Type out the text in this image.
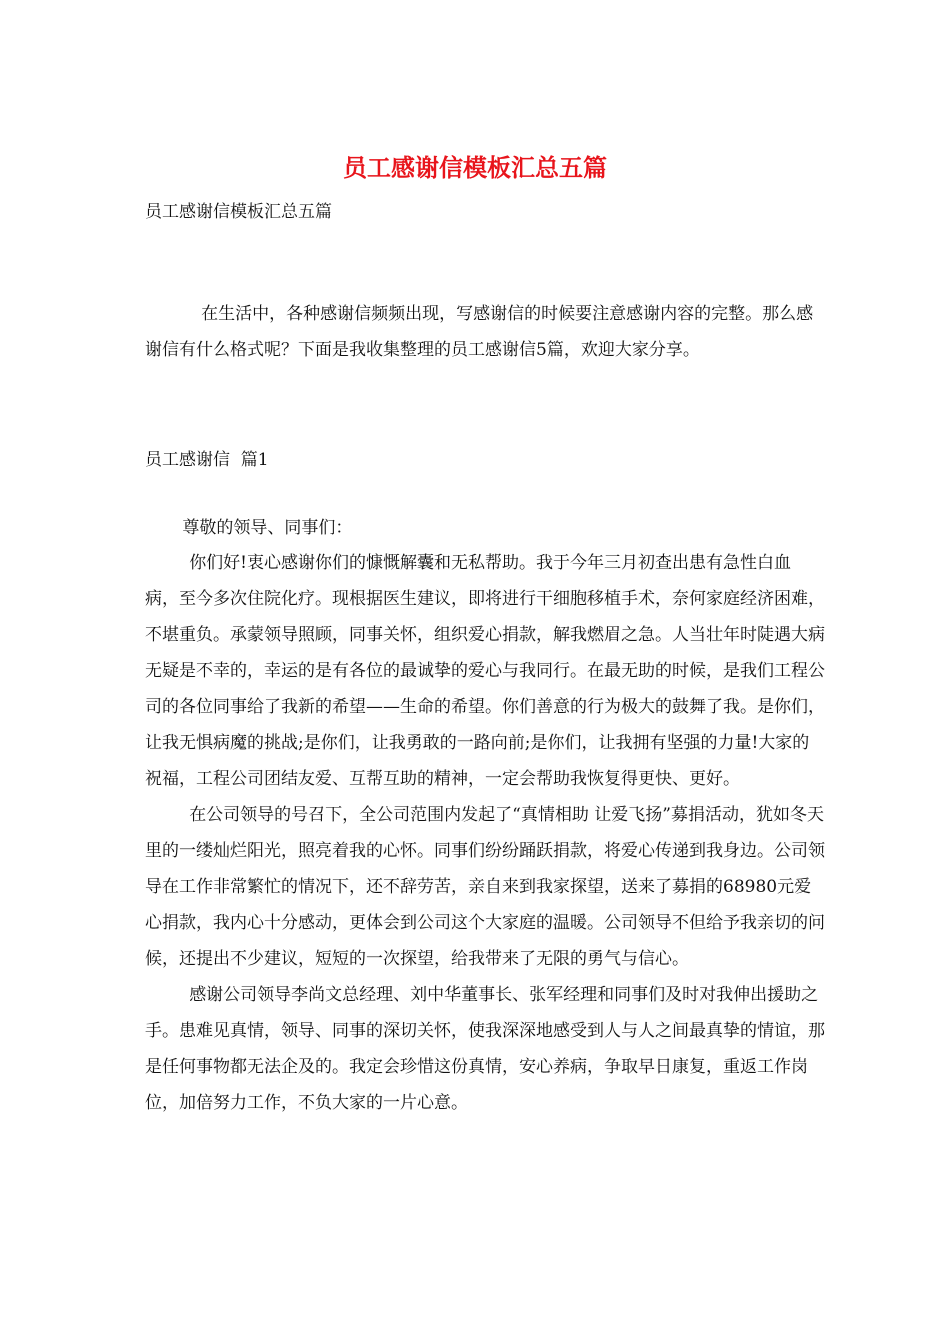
员工感谢信模板汇总五篇

员工感谢信模板汇总五篇

在生活中，各种感谢信频频出现，写感谢信的时候要注意感谢内容的完整。那么感谢信有什么格式呢？下面是我收集整理的员工感谢信5篇，欢迎大家分享。

员工感谢信  篇1

尊敬的领导、同事们：

你们好!衷心感谢你们的慷慨解囊和无私帮助。我于今年三月初查出患有急性白血病，至今多次住院化疗。现根据医生建议，即将进行干细胞移植手术，奈何家庭经济困难，不堪重负。承蒙领导照顾，同事关怀，组织爱心捐款，解我燃眉之急。人当壮年时陡遇大病无疑是不幸的，幸运的是有各位的最诚挚的爱心与我同行。在最无助的时候，是我们工程公司的各位同事给了我新的希望——生命的希望。你们善意的行为极大的鼓舞了我。是你们，让我无惧病魔的挑战;是你们，让我勇敢的一路向前;是你们，让我拥有坚强的力量!大家的祝福，工程公司团结友爱、互帮互助的精神，一定会帮助我恢复得更快、更好。

在公司领导的号召下，全公司范围内发起了“真情相助 让爱飞扬”募捐活动，犹如冬天里的一缕灿烂阳光，照亮着我的心怀。同事们纷纷踊跃捐款，将爱心传递到我身边。公司领导在工作非常繁忙的情况下，还不辞劳苦，亲自来到我家探望，送来了募捐的68980元爱心捐款，我内心十分感动，更体会到公司这个大家庭的温暖。公司领导不但给予我亲切的问候，还提出不少建议，短短的一次探望，给我带来了无限的勇气与信心。

感谢公司领导李尚文总经理、刘中华董事长、张军经理和同事们及时对我伸出援助之手。患难见真情，领导、同事的深切关怀，使我深深地感受到人与人之间最真挚的情谊，那是任何事物都无法企及的。我定会珍惜这份真情，安心养病，争取早日康复，重返工作岗位，加倍努力工作，不负大家的一片心意。
